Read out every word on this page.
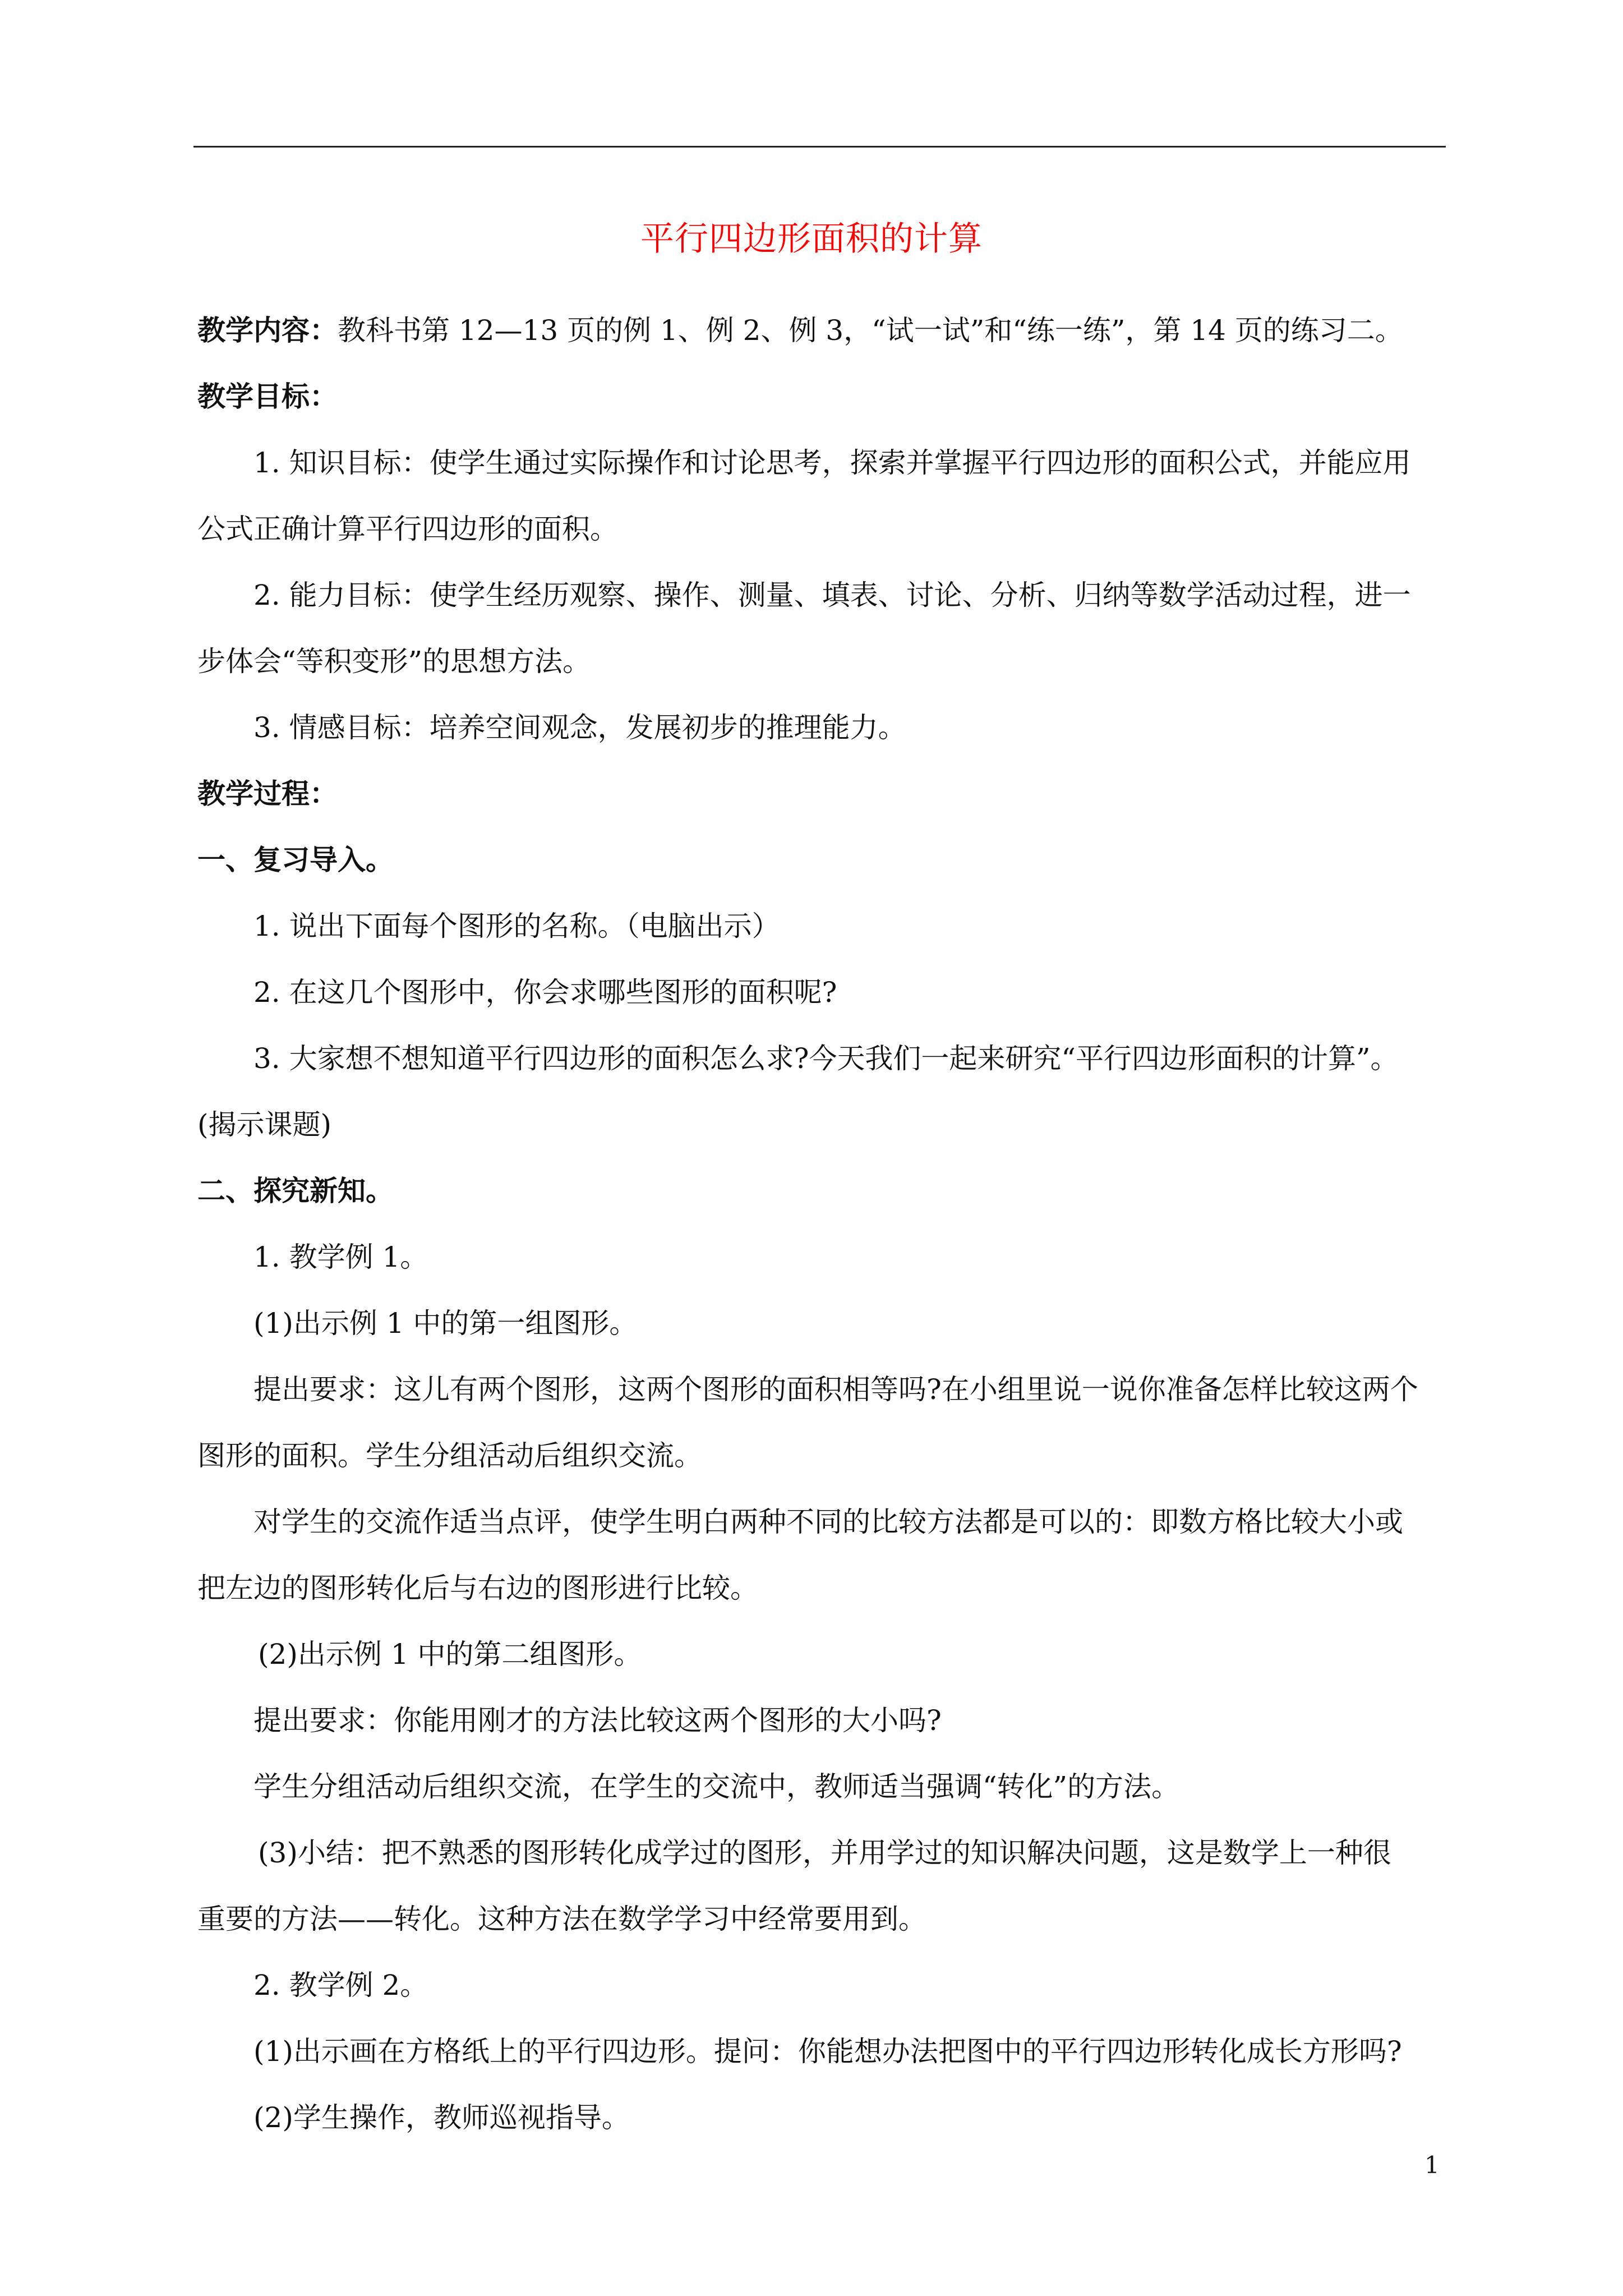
平行四边形面积的计算
教学内容：教科书第 12—13 页的例 1、例 2、例 3，“试一试”和“练一练”，第 14 页的练习二。
教学目标：
1. 知识目标：使学生通过实际操作和讨论思考，探索并掌握平行四边形的面积公式，并能应用
公式正确计算平行四边形的面积。
2. 能力目标：使学生经历观察、操作、测量、填表、讨论、分析、归纳等数学活动过程，进一
步体会“等积变形”的思想方法。
3. 情感目标：培养空间观念，发展初步的推理能力。
教学过程：
一、复习导入。
1. 说出下面每个图形的名称。（电脑出示）
2. 在这几个图形中，你会求哪些图形的面积呢?
3. 大家想不想知道平行四边形的面积怎么求?今天我们一起来研究“平行四边形面积的计算”。
(揭示课题)
二、探究新知。
1. 教学例 1。
(1)出示例 1 中的第一组图形。
提出要求：这儿有两个图形，这两个图形的面积相等吗?在小组里说一说你准备怎样比较这两个
图形的面积。学生分组活动后组织交流。
对学生的交流作适当点评，使学生明白两种不同的比较方法都是可以的：即数方格比较大小或
把左边的图形转化后与右边的图形进行比较。
(2)出示例 1 中的第二组图形。
提出要求：你能用刚才的方法比较这两个图形的大小吗?
学生分组活动后组织交流，在学生的交流中，教师适当强调“转化”的方法。
(3)小结：把不熟悉的图形转化成学过的图形，并用学过的知识解决问题，这是数学上一种很
重要的方法——转化。这种方法在数学学习中经常要用到。
2. 教学例 2。
(1)出示画在方格纸上的平行四边形。提问：你能想办法把图中的平行四边形转化成长方形吗?
(2)学生操作，教师巡视指导。
1
